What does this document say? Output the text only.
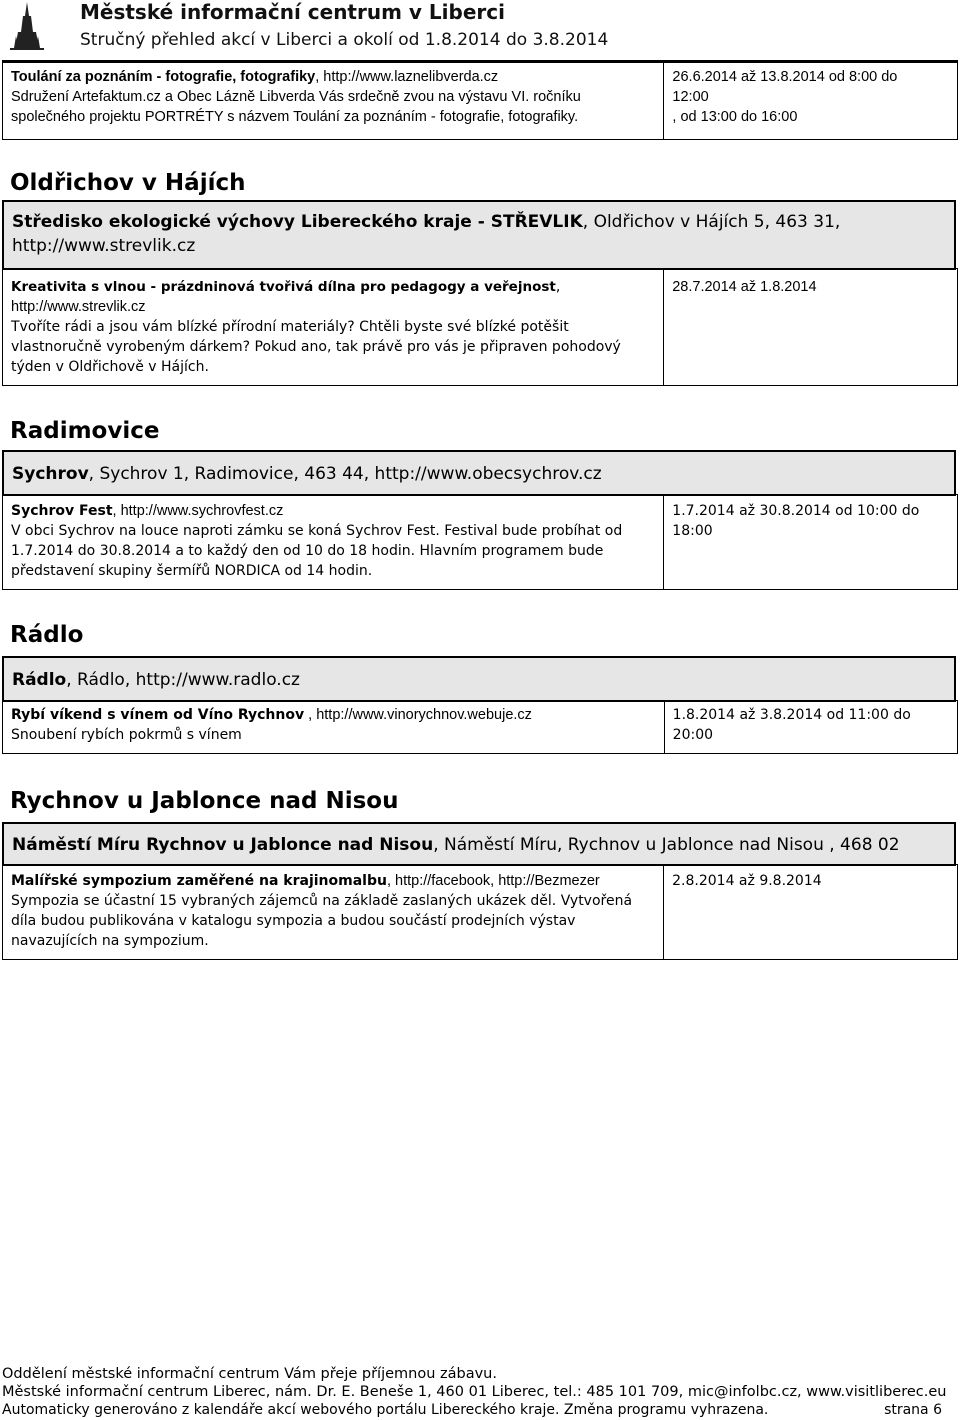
Městské informační centrum v Liberci
Stručný přehled akcí v Liberci a okolí od 1.8.2014 do 3.8.2014
Toulání za poznáním - fotografie, fotografiky, http://www.laznelibverda.cz
Sdružení Artefaktum.cz a Obec Lázně Libverda Vás srdečně zvou na výstavu VI. ročníku
společného projektu PORTRÉTY s názvem Toulání za poznáním - fotografie, fotografiky.	26.6.2014 až 13.8.2014 od 8:00 do
12:00
, od 13:00 do 16:00
Oldřichov v Hájích
Středisko ekologické výchovy Libereckého kraje - STŘEVLIK, Oldřichov v Hájích 5, 463 31,
http://www.strevlik.cz
Kreativita s vlnou - prázdninová tvořivá dílna pro pedagogy a veřejnost,
http://www.strevlik.cz
Tvoříte rádi a jsou vám blízké přírodní materiály? Chtěli byste své blízké potěšit
vlastnoručně vyrobeným dárkem? Pokud ano, tak právě pro vás je připraven pohodový
týden v Oldřichově v Hájích.	28.7.2014 až 1.8.2014
Radimovice
Sychrov, Sychrov 1, Radimovice, 463 44, http://www.obecsychrov.cz
Sychrov Fest, http://www.sychrovfest.cz
V obci Sychrov na louce naproti zámku se koná Sychrov Fest. Festival bude probíhat od
1.7.2014 do 30.8.2014 a to každý den od 10 do 18 hodin. Hlavním programem bude
představení skupiny šermířů NORDICA od 14 hodin.	1.7.2014 až 30.8.2014 od 10:00 do
18:00
Rádlo
Rádlo, Rádlo, http://www.radlo.cz
Rybí víkend s vínem od Víno Rychnov , http://www.vinorychnov.webuje.cz
Snoubení rybích pokrmů s vínem	1.8.2014 až 3.8.2014 od 11:00 do
20:00
Rychnov u Jablonce nad Nisou
Náměstí Míru Rychnov u Jablonce nad Nisou, Náměstí Míru, Rychnov u Jablonce nad Nisou , 468 02
Malířské sympozium zaměřené na krajinomalbu, http://facebook, http://Bezmezer
Sympozia se účastní 15 vybraných zájemců na základě zaslaných ukázek děl. Vytvořená
díla budou publikována v katalogu sympozia a budou součástí prodejních výstav
navazujících na sympozium.	2.8.2014 až 9.8.2014
Oddělení městské informační centrum Vám přeje příjemnou zábavu.
Městské informační centrum Liberec, nám. Dr. E. Beneše 1, 460 01 Liberec, tel.: 485 101 709, mic@infolbc.cz, www.visitliberec.eu
Automaticky generováno z kalendáře akcí webového portálu Libereckého kraje. Změna programu vyhrazena.	strana 6
